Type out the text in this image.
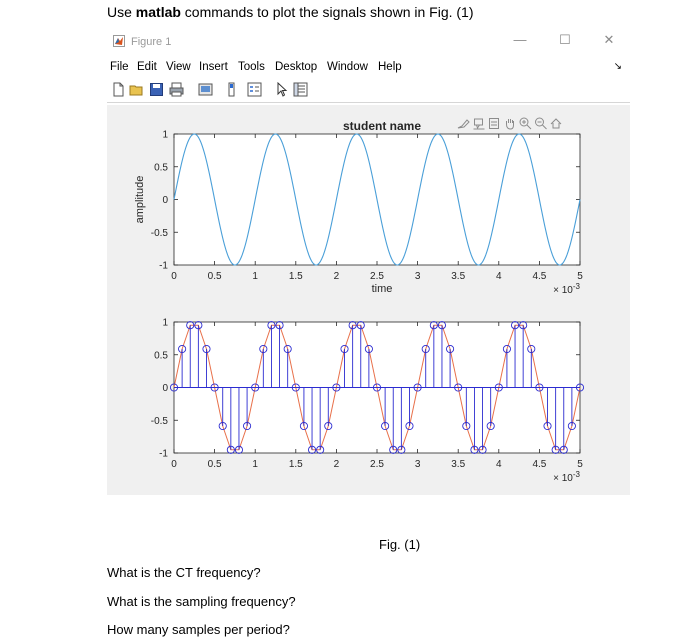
Use matlab commands to plot the signals shown in Fig. (1)
Figure 1	—	☐	✕
File Edit View Insert Tools Desktop Window Help	↘
0	0.5	1	1.5	2	2.5	3	3.5	4	4.5	5
-1
-0.5
0
0.5
1
× $10^{-3}$
student name
time
amplitude
0	0.5	1	1.5	2	2.5	3	3.5	4	4.5	5
-1
-0.5
0
0.5
1
× $10^{-3}$
Fig. (1)
What is the CT frequency?
What is the sampling frequency?
How many samples per period?
